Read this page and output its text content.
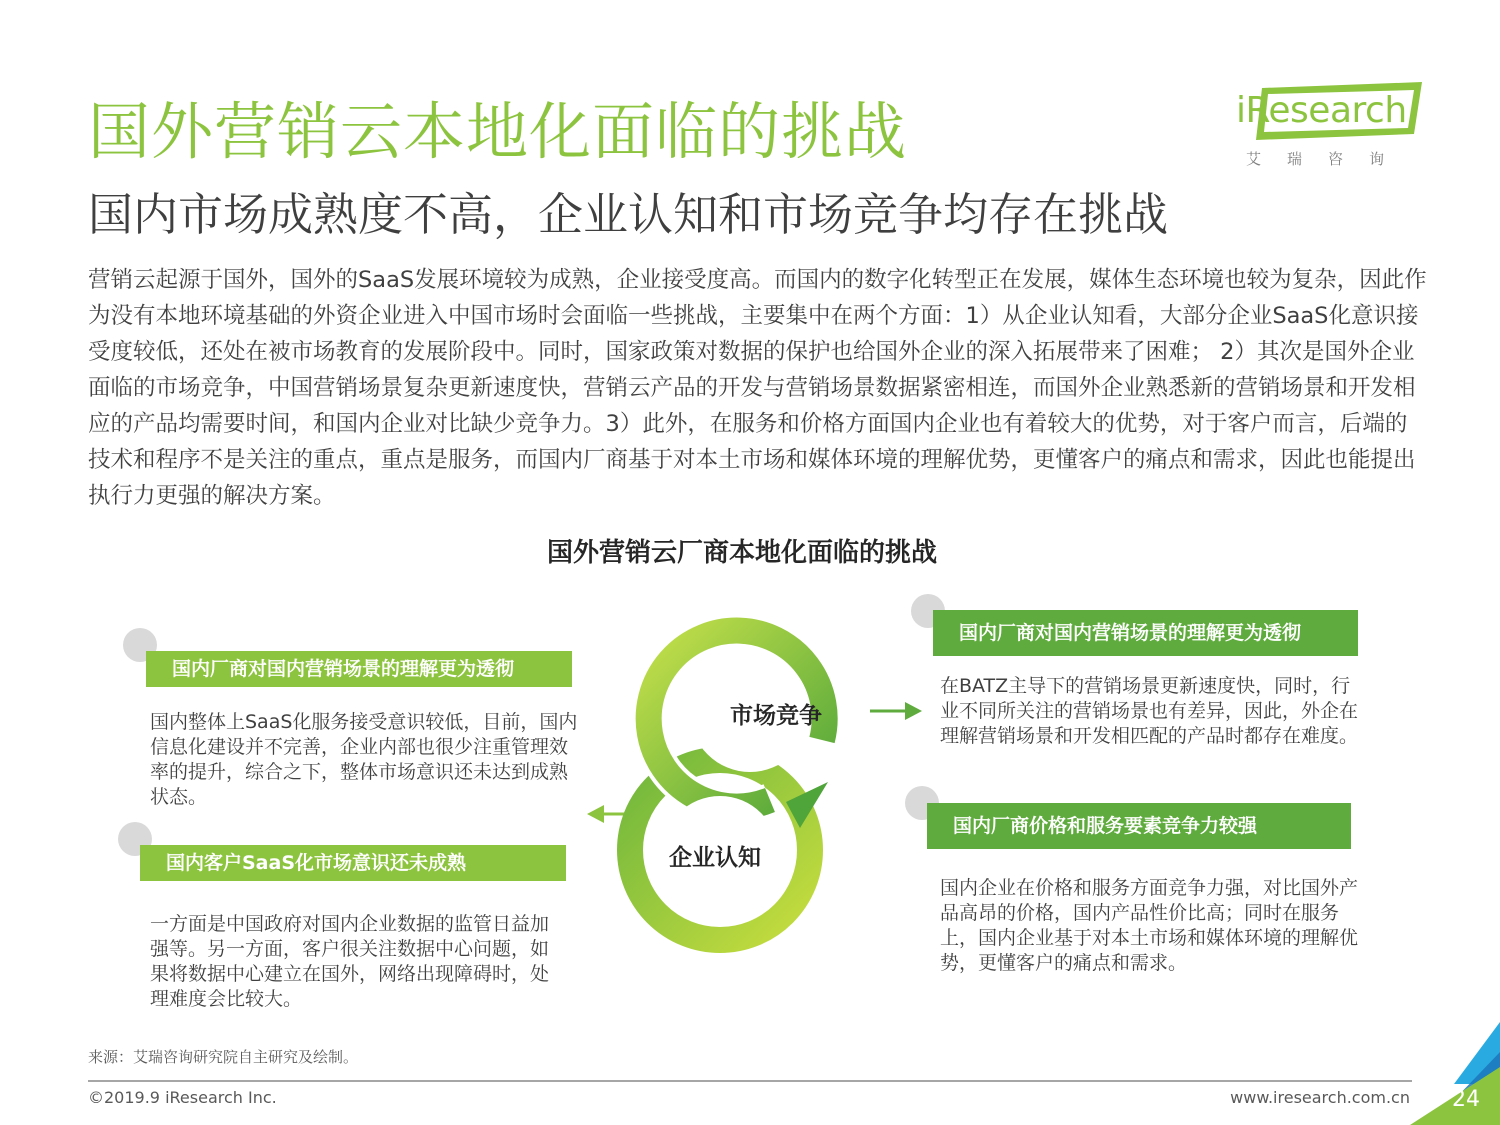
国外营销云本地化面临的挑战
国内市场成熟度不高，企业认知和市场竞争均存在挑战
iResearch
艾瑞咨询
营销云起源于国外，国外的SaaS发展环境较为成熟，企业接受度高。而国内的数字化转型正在发展，媒体生态环境也较为复杂，因此作为没有本地环境基础的外资企业进入中国市场时会面临一些挑战，主要集中在两个方面：1）从企业认知看，大部分企业SaaS化意识接受度较低，还处在被市场教育的发展阶段中。同时，国家政策对数据的保护也给国外企业的深入拓展带来了困难； 2）其次是国外企业面临的市场竞争，中国营销场景复杂更新速度快，营销云产品的开发与营销场景数据紧密相连，而国外企业熟悉新的营销场景和开发相应的产品均需要时间，和国内企业对比缺少竞争力。3）此外，在服务和价格方面国内企业也有着较大的优势，对于客户而言，后端的技术和程序不是关注的重点，重点是服务，而国内厂商基于对本土市场和媒体环境的理解优势，更懂客户的痛点和需求，因此也能提出执行力更强的解决方案。
国外营销云厂商本地化面临的挑战
市场竞争
企业认知
国内厂商对国内营销场景的理解更为透彻
国内整体上SaaS化服务接受意识较低，目前，国内信息化建设并不完善，企业内部也很少注重管理效率的提升，综合之下，整体市场意识还未达到成熟状态。
国内客户SaaS化市场意识还未成熟
一方面是中国政府对国内企业数据的监管日益加强等。另一方面，客户很关注数据中心问题，如果将数据中心建立在国外，网络出现障碍时，处理难度会比较大。
国内厂商对国内营销场景的理解更为透彻
在BATZ主导下的营销场景更新速度快，同时，行业不同所关注的营销场景也有差异，因此，外企在理解营销场景和开发相匹配的产品时都存在难度。
国内厂商价格和服务要素竞争力较强
国内企业在价格和服务方面竞争力强，对比国外产品高昂的价格，国内产品性价比高；同时在服务上，国内企业基于对本土市场和媒体环境的理解优势，更懂客户的痛点和需求。
来源：艾瑞咨询研究院自主研究及绘制。
©2019.9 iResearch Inc.	www.iresearch.com.cn 24
